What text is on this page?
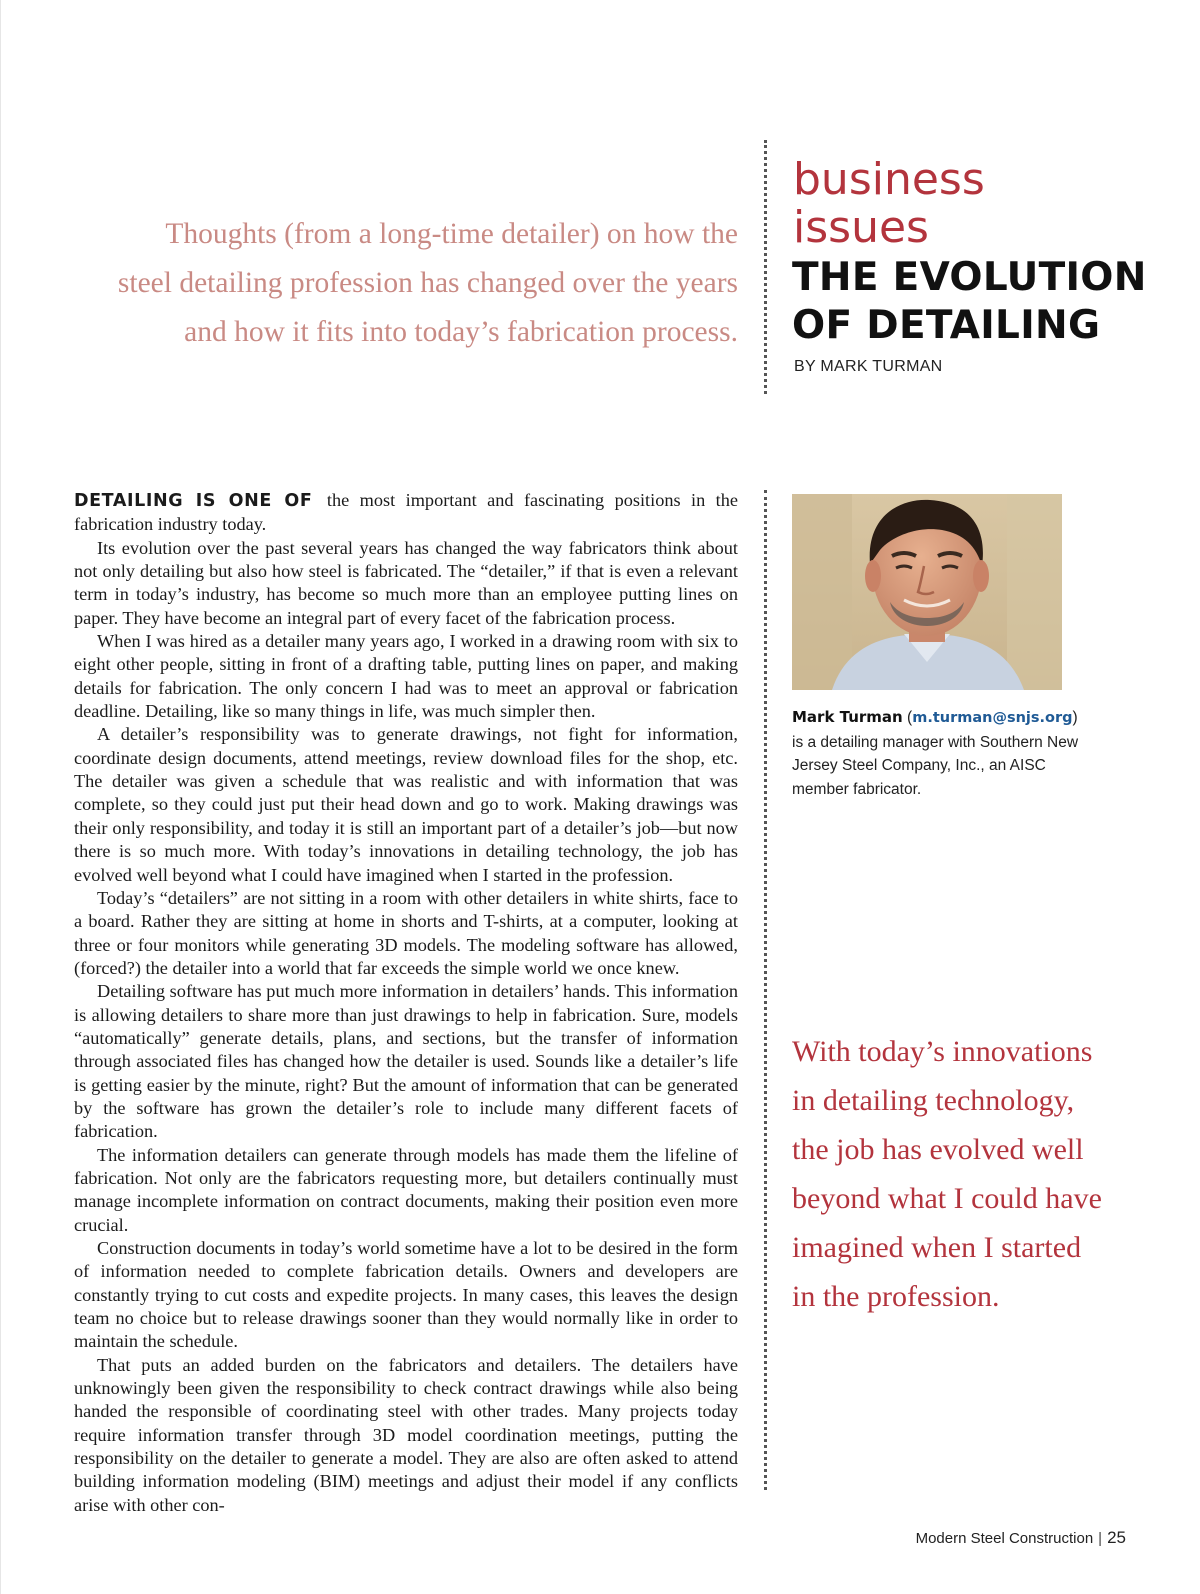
Thoughts (from a long-time detailer) on how the
steel detailing profession has changed over the years
and how it fits into today’s fabrication process.
business
issues
THE EVOLUTION
OF DETAILING
BY MARK TURMAN

DETAILING IS ONE OF the most important and fascinating positions in the fabrication industry today.

Its evolution over the past several years has changed the way fabricators think about not only detailing but also how steel is fabricated. The “detailer,” if that is even a relevant term in today’s industry, has become so much more than an employee putting lines on paper. They have become an integral part of every facet of the fabrication process.

When I was hired as a detailer many years ago, I worked in a drawing room with six to eight other people, sitting in front of a drafting table, putting lines on paper, and making details for fabrication. The only concern I had was to meet an approval or fabrication deadline. Detailing, like so many things in life, was much simpler then.

A detailer’s responsibility was to generate drawings, not fight for information, coordinate design documents, attend meetings, review download files for the shop, etc. The detailer was given a schedule that was realistic and with information that was complete, so they could just put their head down and go to work. Making drawings was their only responsibility, and today it is still an important part of a detailer’s job—but now there is so much more. With today’s innovations in detailing technology, the job has evolved well beyond what I could have imagined when I started in the profession.

Today’s “detailers” are not sitting in a room with other detailers in white shirts, face to a board. Rather they are sitting at home in shorts and T-shirts, at a computer, looking at three or four monitors while generating 3D models. The modeling software has allowed, (forced?) the detailer into a world that far exceeds the simple world we once knew.

Detailing software has put much more information in detailers’ hands. This information is allowing detailers to share more than just drawings to help in fabrication. Sure, models “automatically” generate details, plans, and sections, but the transfer of information through associated files has changed how the detailer is used. Sounds like a detailer’s life is getting easier by the minute, right? But the amount of information that can be generated by the software has grown the detailer’s role to include many different facets of fabrication.

The information detailers can generate through models has made them the lifeline of fabrication. Not only are the fabricators requesting more, but detailers continually must manage incomplete information on contract documents, making their position even more crucial.

Construction documents in today’s world sometime have a lot to be desired in the form of information needed to complete fabrication details. Owners and developers are constantly trying to cut costs and expedite projects. In many cases, this leaves the design team no choice but to release drawings sooner than they would normally like in order to maintain the schedule.

That puts an added burden on the fabricators and detailers. The detailers have unknowingly been given the responsibility to check contract drawings while also being handed the responsible of coordinating steel with other trades. Many projects today require information transfer through 3D model coordination meetings, putting the responsibility on the detailer to generate a model. They are also are often asked to attend building information modeling (BIM) meetings and adjust their model if any conflicts arise with other con-

Mark Turman (m.turman@snjs.org) is a detailing manager with Southern New Jersey Steel Company, Inc., an AISC member fabricator.
With today’s innovations
in detailing technology,
the job has evolved well
beyond what I could have
imagined when I started
in the profession.
Modern Steel Construction | 25
